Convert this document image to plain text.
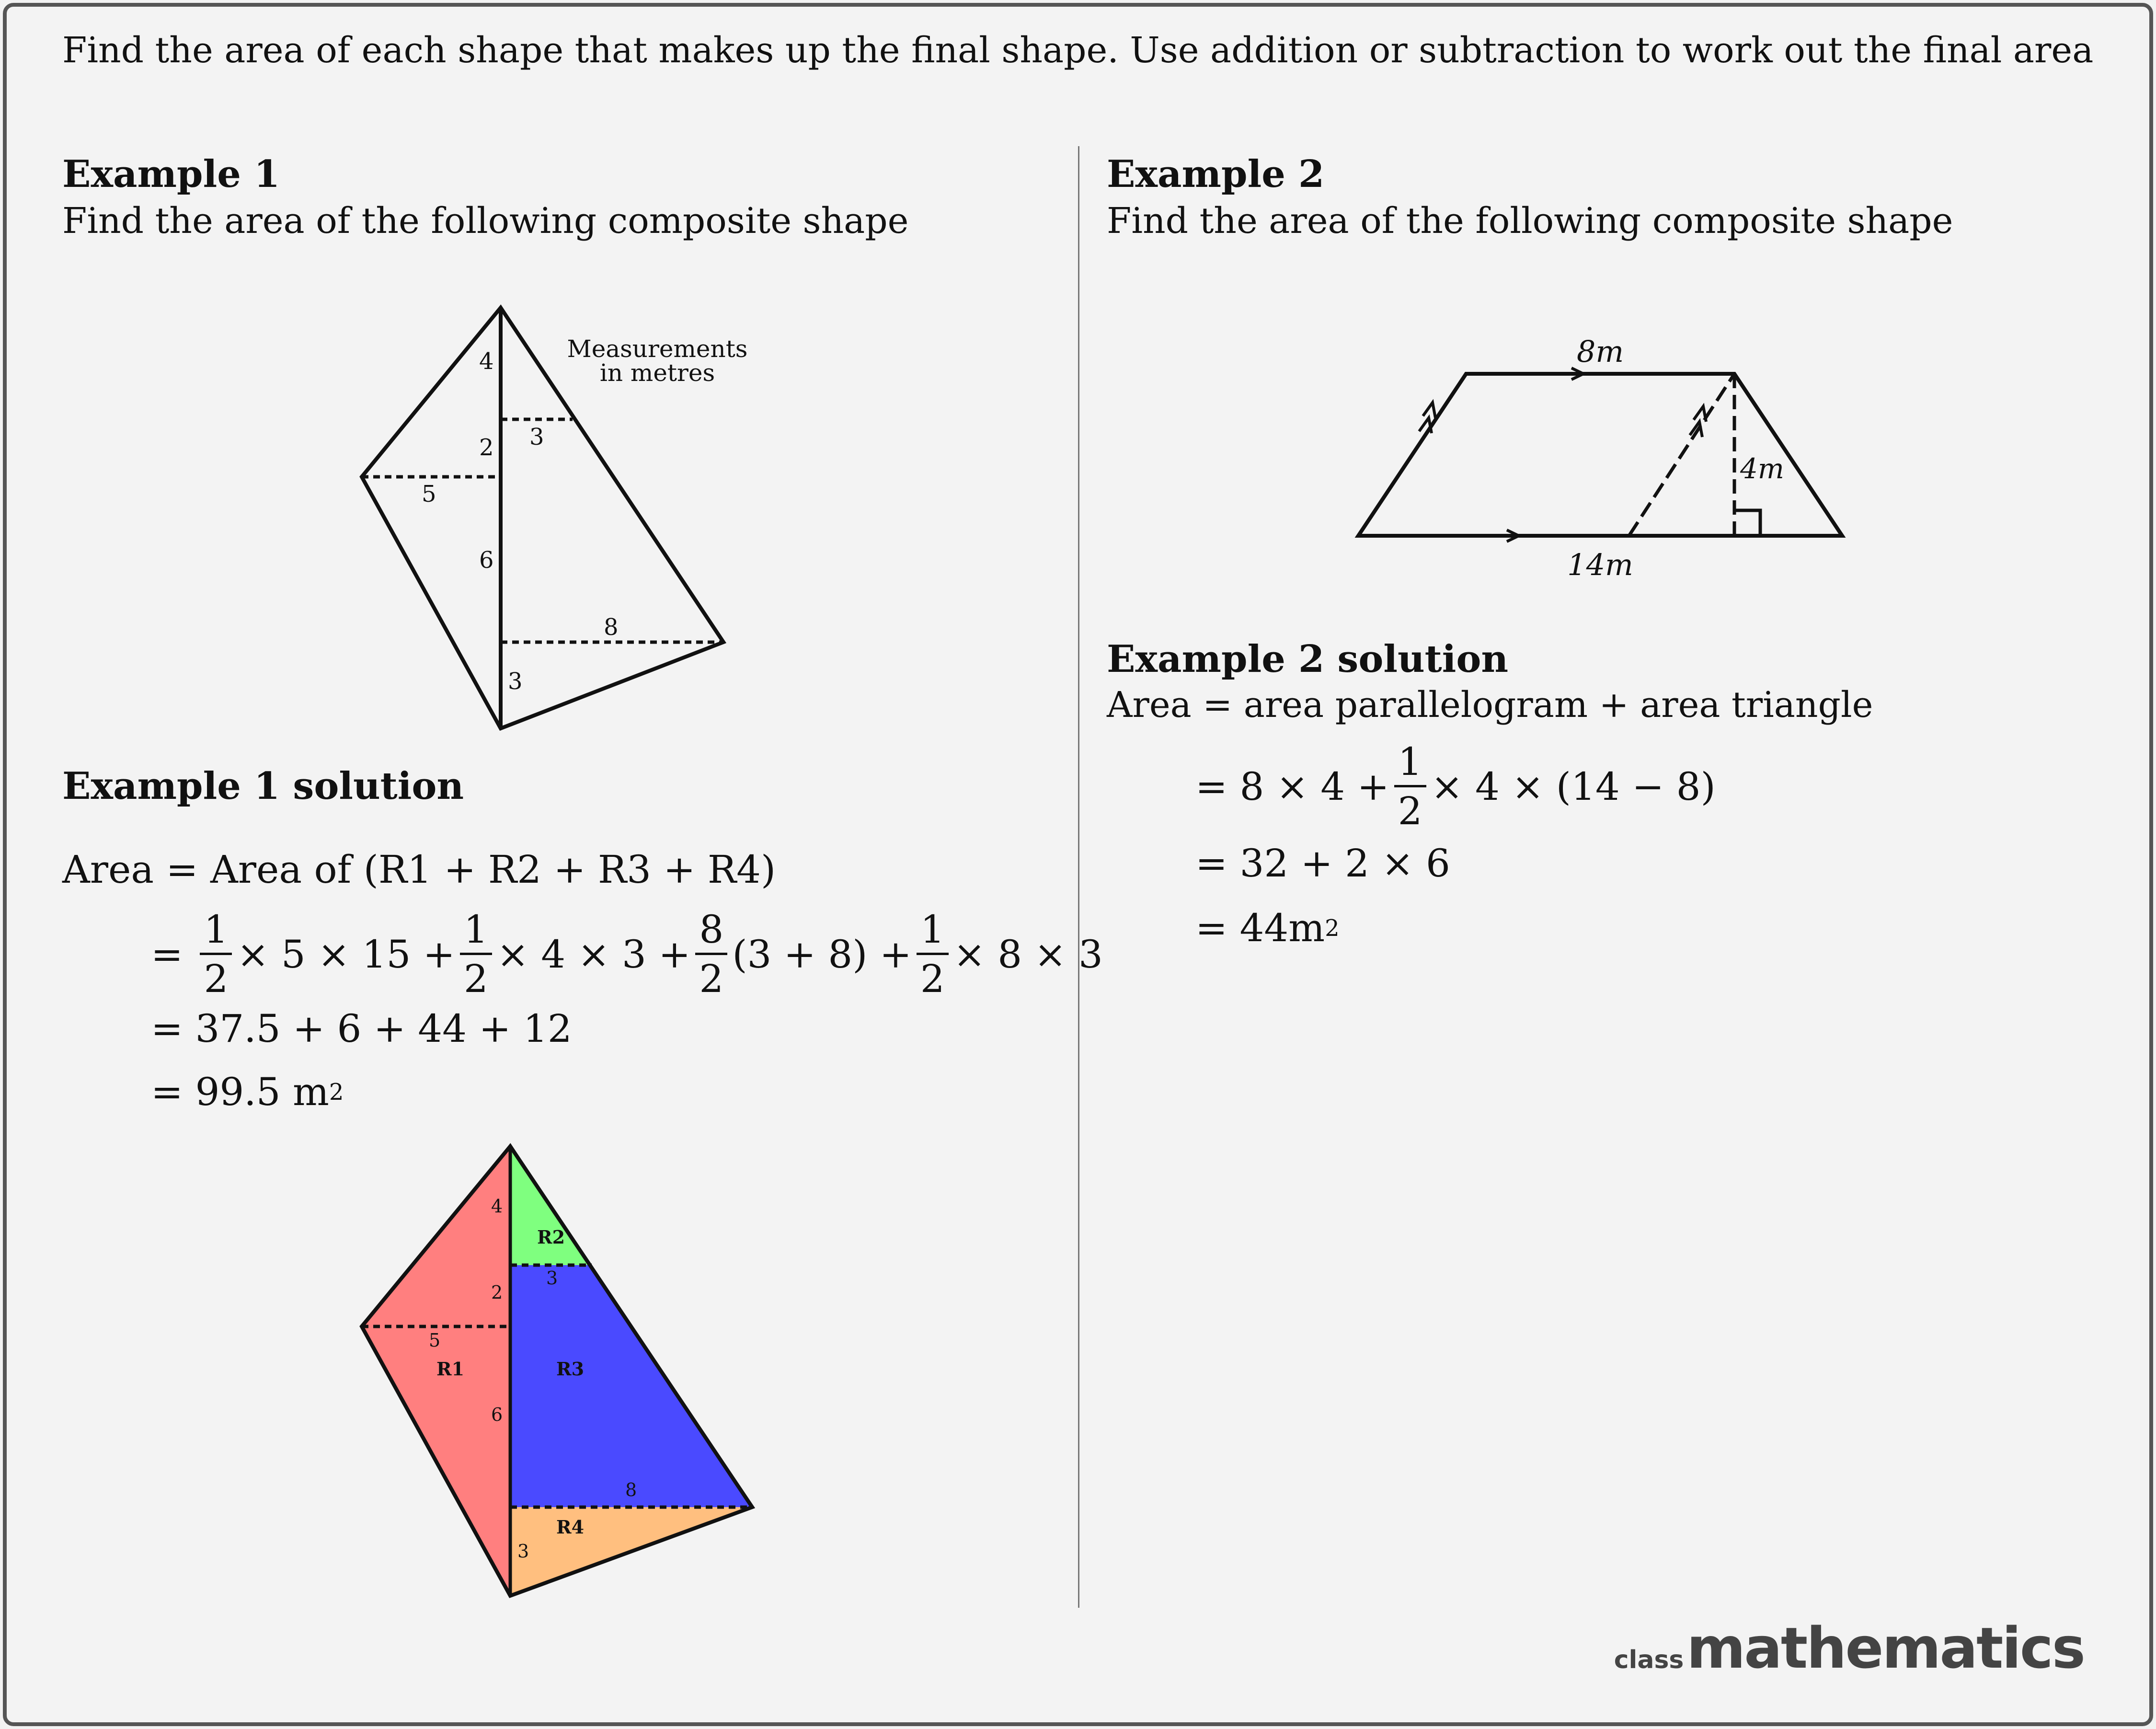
Find the area of each shape that makes up the final shape. Use addition or subtraction to work out the final area
Example 1
Find the area of the following composite shape
4
3
2
5
6
8
3
Measurements
in metres
Example 1 solution
Area = Area of (R1 + R2 + R3 + R4)
= $\frac{1}{2} \times 5 \times 15 + \frac{1}{2} \times 4 \times 3 + \frac{8}{2} (3 + 8) + \frac{1}{2} \times 8 \times 3$
= 37.5 + 6 + 44 + 12
= 99.5 m 2
4
3
2
5
6
8
3
R2
R1	R3
R4
Example 2
Find the area of the following composite shape
8m
4m
14m
Example 2 solution
Area = area parallelogram + area triangle
= $8 \times 4 + \frac{1}{2} \times 4 \times (14 - 8)$
= 32 + 2 × 6
= 44m 2
class mathematics
